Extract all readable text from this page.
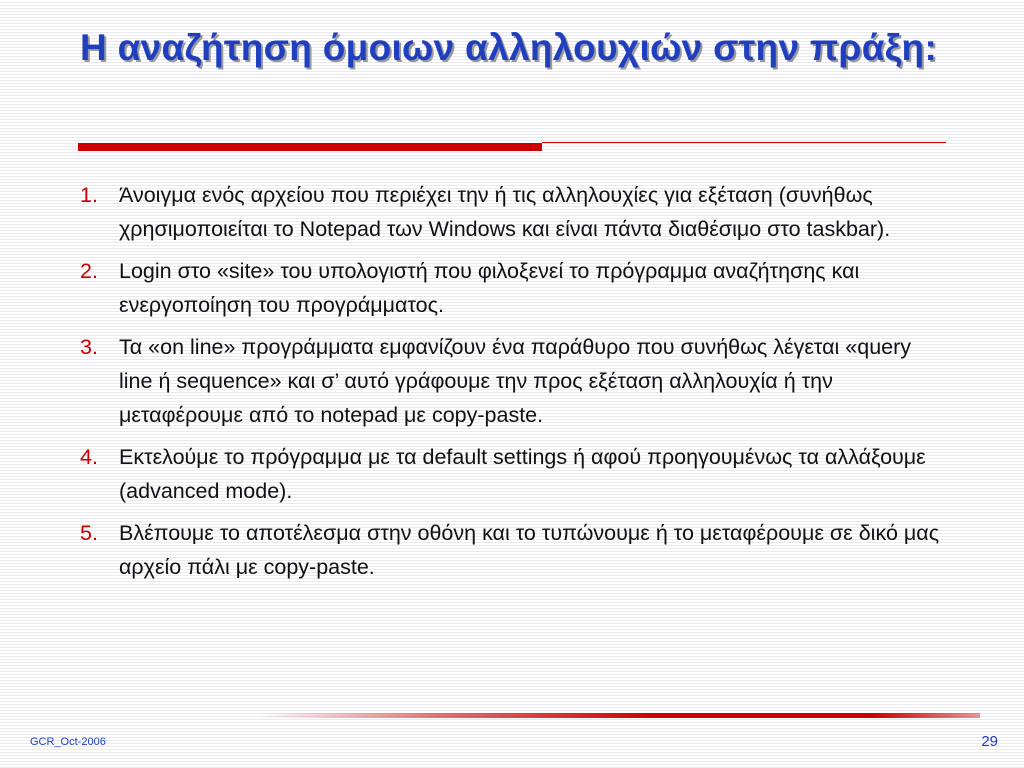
Η αναζήτηση όμοιων αλληλουχιών στην πράξη:
1. Άνοιγμα ενός αρχείου που περιέχει την ή τις αλληλουχίες για εξέταση (συνήθως χρησιμοποιείται το Notepad των Windows και είναι πάντα διαθέσιμο στο taskbar).
2. Login στο «site» του υπολογιστή που φιλοξενεί το πρόγραμμα αναζήτησης και ενεργοποίηση του προγράμματος.
3. Τα «on line» προγράμματα εμφανίζουν ένα παράθυρο που συνήθως λέγεται «query line ή sequence» και σ’ αυτό γράφουμε την προς εξέταση αλληλουχία ή την μεταφέρουμε από το notepad με copy-paste.
4. Εκτελούμε το πρόγραμμα με τα default settings ή αφού προηγουμένως τα αλλάξουμε (advanced mode).
5. Βλέπουμε το αποτέλεσμα στην οθόνη και το τυπώνουμε ή το μεταφέρουμε σε δικό μας αρχείο πάλι με copy-paste.
GCR_Oct-2006	29
